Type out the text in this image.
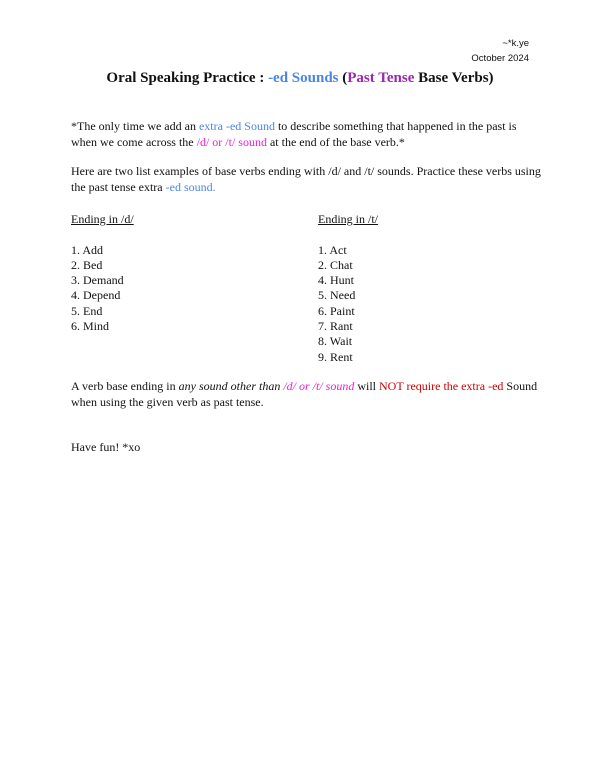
~*k.ye
October 2024
Oral Speaking Practice : -ed Sounds (Past Tense Base Verbs)
*The only time we add an extra -ed Sound to describe something that happened in the past is when we come across the /d/ or /t/ sound at the end of the base verb.*
Here are two list examples of base verbs ending with /d/ and /t/ sounds. Practice these verbs using the past tense extra -ed sound.
Ending in /d/
1. Add
2. Bed
3. Demand
4. Depend
5. End
6. Mind
Ending in /t/
1. Act
2. Chat
4. Hunt
5. Need
6. Paint
7. Rant
8. Wait
9. Rent
A verb base ending in any sound other than /d/ or /t/ sound will NOT require the extra -ed Sound when using the given verb as past tense.
Have fun! *xo
